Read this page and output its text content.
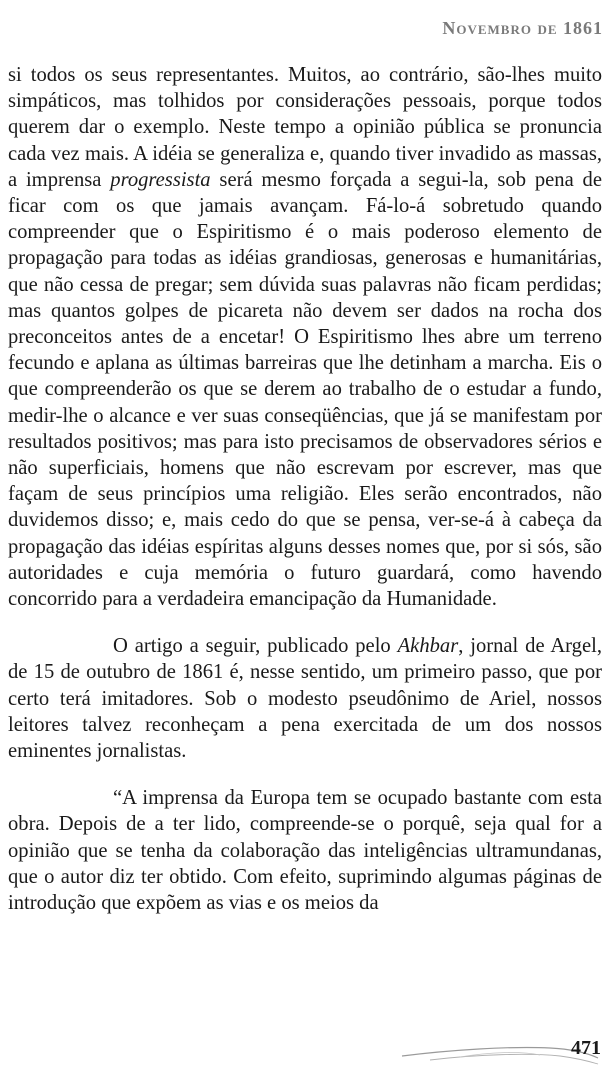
Novembro de 1861

si todos os seus representantes. Muitos, ao contrário, são-lhes muito simpáticos, mas tolhidos por considerações pessoais, porque todos querem dar o exemplo. Neste tempo a opinião pública se pronuncia cada vez mais. A idéia se generaliza e, quando tiver invadido as massas, a imprensa progressista será mesmo forçada a segui-la, sob pena de ficar com os que jamais avançam. Fá-lo-á sobretudo quando compreender que o Espiritismo é o mais poderoso elemento de propagação para todas as idéias grandiosas, generosas e humanitárias, que não cessa de pregar; sem dúvida suas palavras não ficam perdidas; mas quantos golpes de picareta não devem ser dados na rocha dos preconceitos antes de a encetar! O Espiritismo lhes abre um terreno fecundo e aplana as últimas barreiras que lhe detinham a marcha. Eis o que compreenderão os que se derem ao trabalho de o estudar a fundo, medir-lhe o alcance e ver suas conseqüências, que já se manifestam por resultados positivos; mas para isto precisamos de observadores sérios e não superficiais, homens que não escrevam por escrever, mas que façam de seus princípios uma religião. Eles serão encontrados, não duvidemos disso; e, mais cedo do que se pensa, ver-se-á à cabeça da propagação das idéias espíritas alguns desses nomes que, por si sós, são autoridades e cuja memória o futuro guardará, como havendo concorrido para a verdadeira emancipação da Humanidade.

O artigo a seguir, publicado pelo Akhbar, jornal de Argel, de 15 de outubro de 1861 é, nesse sentido, um primeiro passo, que por certo terá imitadores. Sob o modesto pseudônimo de Ariel, nossos leitores talvez reconheçam a pena exercitada de um dos nossos eminentes jornalistas.

“A imprensa da Europa tem se ocupado bastante com esta obra. Depois de a ter lido, compreende-se o porquê, seja qual for a opinião que se tenha da colaboração das inteligências ultramundanas, que o autor diz ter obtido. Com efeito, suprimindo algumas páginas de introdução que expõem as vias e os meios da

471
